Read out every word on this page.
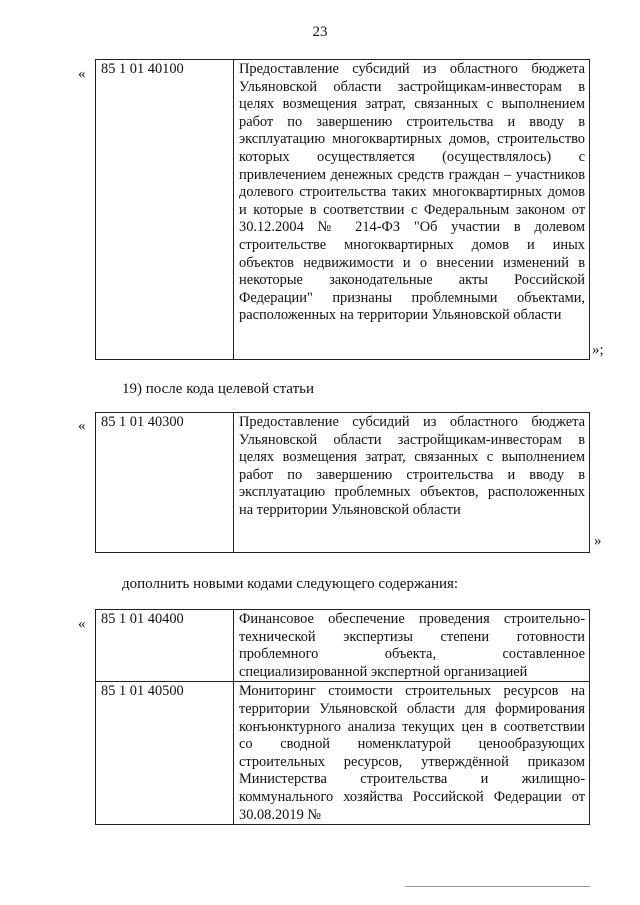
23
« 85 1 01 40100	Предоставление субсидий из областного бюджета Ульяновской области застройщикам-инвесторам в целях возмещения затрат, связанных с выполнением работ по завершению строительства и вводу в эксплуатацию многоквартирных домов, строительство которых осуществляется (осуществлялось) с привлечением денежных средств граждан – участников долевого строительства таких многоквартирных домов и которые в соответствии с Федеральным законом от 30.12.2004 № 214-ФЗ "Об участии в долевом строительстве многоквартирных домов и иных объектов недвижимости и о внесении изменений в некоторые законодательные акты Российской Федерации" признаны проблемными объектами, расположенных на территории Ульяновской области
»;
19) после кода целевой статьи
« 85 1 01 40300	Предоставление субсидий из областного бюджета Ульяновской области застройщикам-инвесторам в целях возмещения затрат, связанных с выполнением работ по завершению строительства и вводу в эксплуатацию проблемных объектов, расположенных на территории Ульяновской области
»
дополнить новыми кодами следующего содержания:
« 85 1 01 40400	Финансовое обеспечение проведения строительно-технической экспертизы степени готовности проблемного объекта, составленное специализированной экспертной организацией
85 1 01 40500	Мониторинг стоимости строительных ресурсов на территории Ульяновской области для формирования конъюнктурного анализа текущих цен в соответствии со сводной номенклатурой ценообразующих строительных ресурсов, утверждённой приказом Министерства строительства и жилищно-коммунального хозяйства Российской Федерации от 30.08.2019 №
